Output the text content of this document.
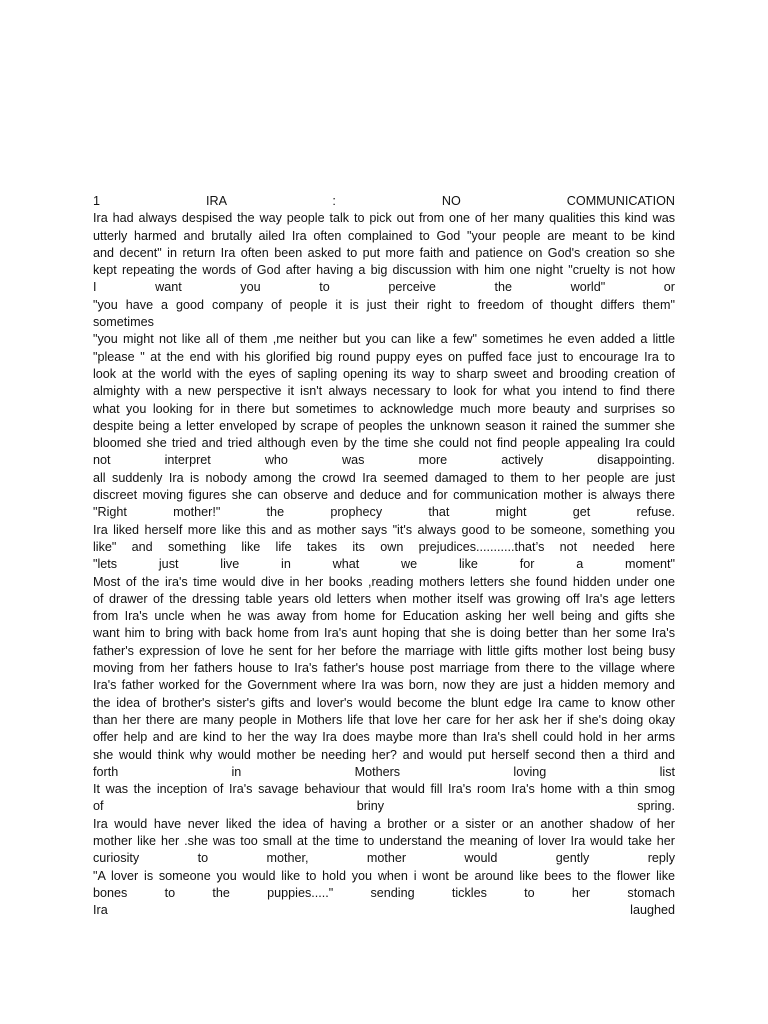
1 IRA : NO COMMUNICATION
Ira had always despised the way people talk to pick out from one of her many qualities this kind was
utterly harmed and brutally ailed Ira often complained to God "your people are meant to be kind
and decent" in return Ira often been asked to put more faith and patience on God's creation so she
kept repeating the words of God after having a big discussion with him one night "cruelty is not how
I want you to perceive the world" or
"you have a good company of people it is just their right to freedom of thought differs them"
sometimes
"you might not like all of them ,me neither but you can like a few" sometimes he even added a little
"please " at the end with his glorified big round puppy eyes on puffed face just to encourage Ira to
look at the world with the eyes of sapling opening its way to sharp sweet and brooding creation of
almighty with a new perspective it isn't always necessary to look for what you intend to find there
what you looking for in there but sometimes to acknowledge much more beauty and surprises so
despite being a letter enveloped by scrape of peoples the unknown season it rained the summer she
bloomed she tried and tried although even by the time she could not find people appealing Ira could
not interpret who was more actively disappointing.
all suddenly Ira is nobody among the crowd Ira seemed damaged to them to her people are just
discreet moving figures she can observe and deduce and for communication mother is always there
"Right mother!" the prophecy that might get refuse.
Ira liked herself more like this and as mother says "it's always good to be someone, something you
like" and something like life takes its own prejudices...........that’s not needed here
"lets just live in what we like for a moment"
Most of the ira's time would dive in her books ,reading mothers letters she found hidden under one
of drawer of the dressing table years old letters when mother itself was growing off Ira's age letters
from Ira's uncle when he was away from home for Education asking her well being and gifts she
want him to bring with back home from Ira's aunt hoping that she is doing better than her some Ira's
father's expression of love he sent for her before the marriage with little gifts mother lost being busy
moving from her fathers house to Ira's father's house post marriage from there to the village where
Ira's father worked for the Government where Ira was born, now they are just a hidden memory and
the idea of brother's sister's gifts and lover's would become the blunt edge Ira came to know other
than her there are many people in Mothers life that love her care for her ask her if she's doing okay
offer help and are kind to her the way Ira does maybe more than Ira's shell could hold in her arms
she would think why would mother be needing her? and would put herself second then a third and
forth in Mothers loving list
It was the inception of Ira's savage behaviour that would fill Ira's room Ira's home with a thin smog
of briny spring.
Ira would have never liked the idea of having a brother or a sister or an another shadow of her
mother like her .she was too small at the time to understand the meaning of lover Ira would take her
curiosity to mother, mother would gently reply
"A lover is someone you would like to hold you when i wont be around like bees to the flower like
bones to the puppies....." sending tickles to her stomach
Ira laughed
